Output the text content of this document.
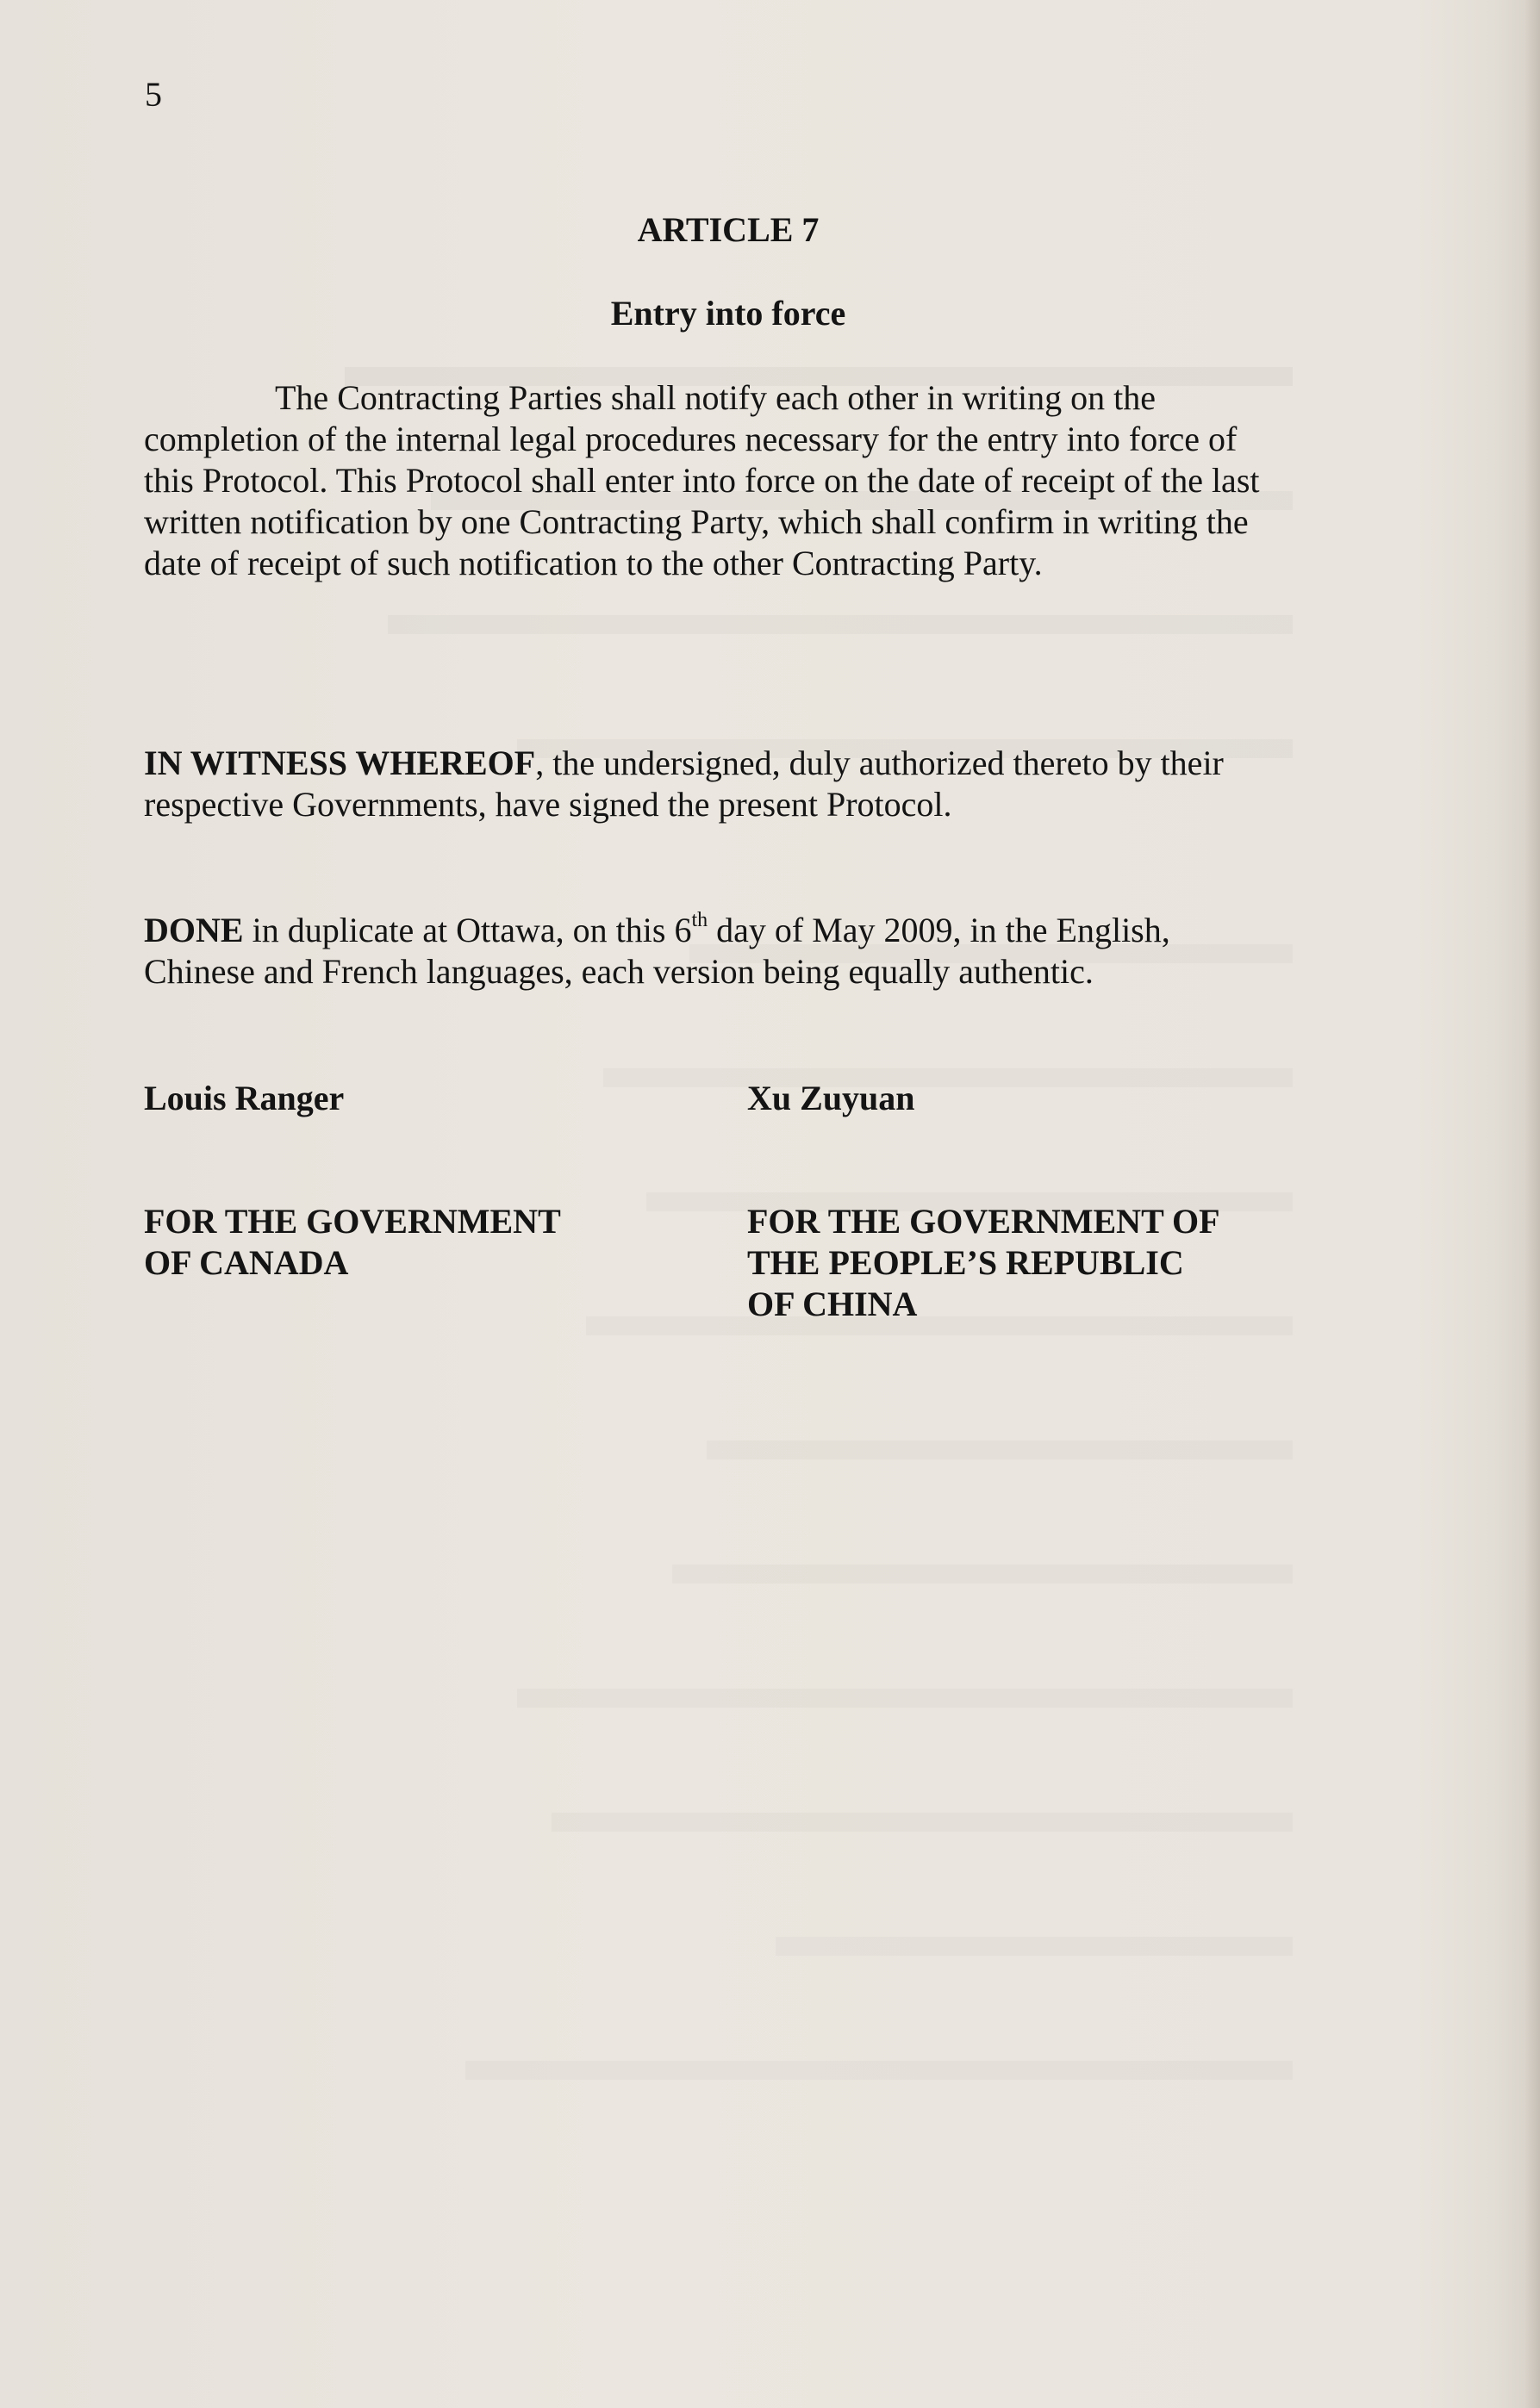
5
ARTICLE 7
Entry into force
The Contracting Parties shall notify each other in writing on the
completion of the internal legal procedures necessary for the entry into force of
this Protocol. This Protocol shall enter into force on the date of receipt of the last
written notification by one Contracting Party, which shall confirm in writing the
date of receipt of such notification to the other Contracting Party.
IN WITNESS WHEREOF, the undersigned, duly authorized thereto by their
respective Governments, have signed the present Protocol.
DONE in duplicate at Ottawa, on this 6th day of May 2009, in the English,
Chinese and French languages, each version being equally authentic.
Louis Ranger	Xu Zuyuan
FOR THE GOVERNMENT
OF CANADA
FOR THE GOVERNMENT OF
THE PEOPLE’S REPUBLIC
OF CHINA
